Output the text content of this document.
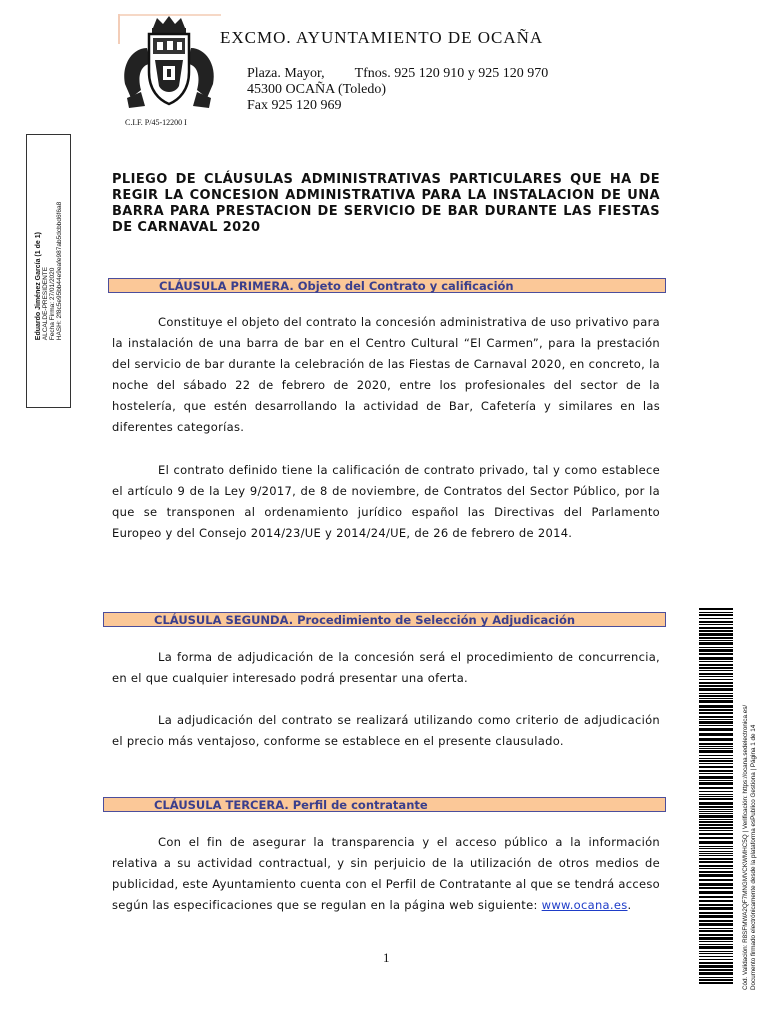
EXCMO. AYUNTAMIENTO DE OCAÑA
Plaza. Mayor, Tfnos. 925 120 910 y 925 120 970
45300 OCAÑA (Toledo)
Fax 925 120 969
C.I.F. P/45-12200 I
Eduardo Jiménez García (1 de 1) ALCALDE-PRESIDENTE Fecha Firma: 27/01/2020 HASH: 2f8c5e95bb44e9eafe987ab5dcbbd6f6a8
PLIEGO DE CLÁUSULAS ADMINISTRATIVAS PARTICULARES QUE HA DE REGIR LA CONCESION ADMINISTRATIVA PARA LA INSTALACION DE UNA BARRA PARA PRESTACION DE SERVICIO DE BAR DURANTE LAS FIESTAS DE CARNAVAL 2020
CLÁUSULA PRIMERA. Objeto del Contrato y calificación
Constituye el objeto del contrato la concesión administrativa de uso privativo para la instalación de una barra de bar en el Centro Cultural “El Carmen”, para la prestación del servicio de bar durante la celebración de las Fiestas de Carnaval 2020, en concreto, la noche del sábado 22 de febrero de 2020, entre los profesionales del sector de la hostelería, que estén desarrollando la actividad de Bar, Cafetería y similares en las diferentes categorías.
El contrato definido tiene la calificación de contrato privado, tal y como establece el artículo 9 de la Ley 9/2017, de 8 de noviembre, de Contratos del Sector Público, por la que se transponen al ordenamiento jurídico español las Directivas del Parlamento Europeo y del Consejo 2014/23/UE y 2014/24/UE, de 26 de febrero de 2014.
CLÁUSULA SEGUNDA. Procedimiento de Selección y Adjudicación
La forma de adjudicación de la concesión será el procedimiento de concurrencia, en el que cualquier interesado podrá presentar una oferta.
La adjudicación del contrato se realizará utilizando como criterio de adjudicación el precio más ventajoso, conforme se establece en el presente clausulado.
CLÁUSULA TERCERA. Perfil de contratante
Con el fin de asegurar la transparencia y el acceso público a la información relativa a su actividad contractual, y sin perjuicio de la utilización de otros medios de publicidad, este Ayuntamiento cuenta con el Perfil de Contratante al que se tendrá acceso según las especificaciones que se regulan en la página web siguiente: www.ocana.es.
1	Cód. Validación: R8SFMWA2QF7MNGMVCKWMHC5Q | Verificación: https://ocana.sedelectronica.es/ Documento firmado electrónicamente desde la plataforma esPublico Gestiona | Página 1 de 14
